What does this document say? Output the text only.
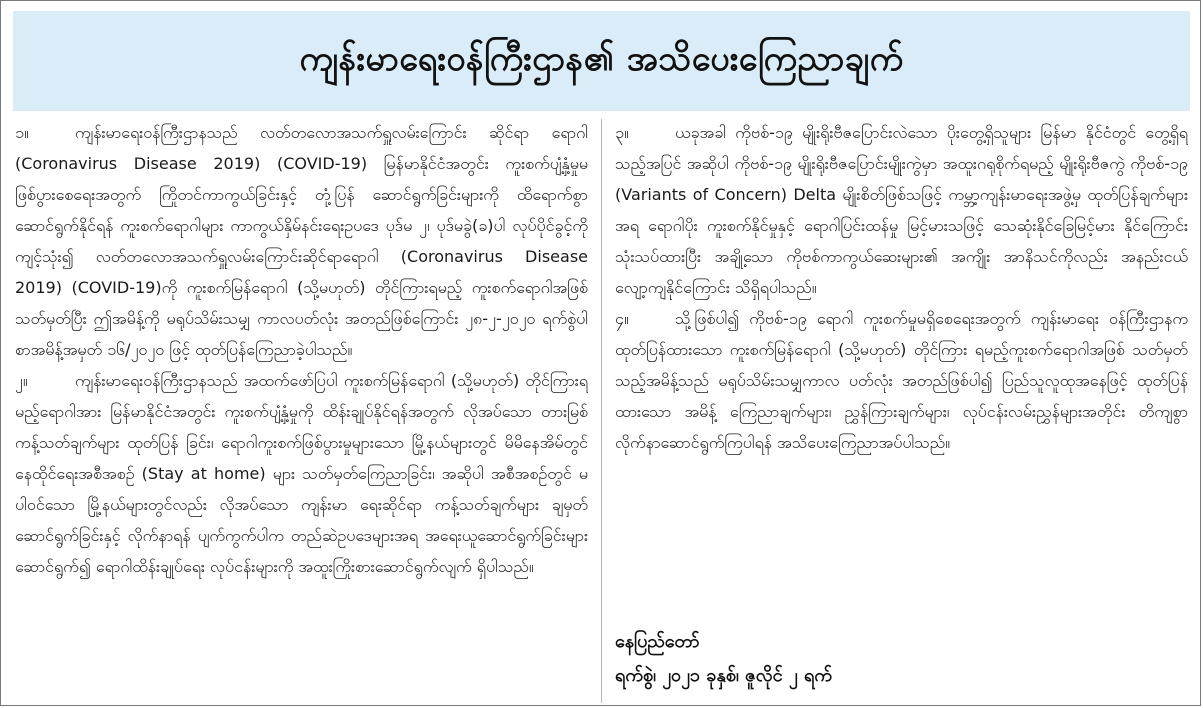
ကျန်းမာရေးဝန်ကြီးဌာန၏ အသိပေးကြေညာချက်

၁။	ကျန်းမာရေးဝန်ကြီးဌာနသည် လတ်တလောအသက်ရှူလမ်းကြောင်း ဆိုင်ရာ ရောဂါ (Coronavirus Disease 2019) (COVID-19) မြန်မာနိုင်ငံအတွင်း ကူးစက်ပျံ့နှံ့မှုမဖြစ်ပွားစေရေးအတွက် ကြိုတင်ကာကွယ်ခြင်းနှင့် တုံ့ပြန် ဆောင်ရွက်ခြင်းများကို ထိရောက်စွာ ဆောင်ရွက်နိုင်ရန် ကူးစက်ရောဂါများ ကာကွယ်နှိမ်နင်းရေးဥပဒေ ပုဒ်မ ၂၊ ပုဒ်မခွဲ(ခ)ပါ လုပ်ပိုင်ခွင့်ကို ကျင့်သုံး၍ လတ်တလောအသက်ရှူလမ်းကြောင်းဆိုင်ရာရောဂါ (Coronavirus Disease 2019) (COVID-19)ကို ကူးစက်မြန်ရောဂါ (သို့မဟုတ်) တိုင်ကြားရမည့် ကူးစက်ရောဂါအဖြစ် သတ်မှတ်ပြီး ဤအမိန့်ကို မရုပ်သိမ်းသမျှ ကာလပတ်လုံး အတည်ဖြစ်ကြောင်း ၂၈-၂-၂၀၂၀ ရက်စွဲပါစာအမိန့်အမှတ် ၁၆/၂၀၂၀ ဖြင့် ထုတ်ပြန်ကြေညာခဲ့ပါသည်။

၂။	ကျန်းမာရေးဝန်ကြီးဌာနသည် အထက်ဖော်ပြပါ ကူးစက်မြန်ရောဂါ (သို့မဟုတ်) တိုင်ကြားရမည့်ရောဂါအား မြန်မာနိုင်ငံအတွင်း ကူးစက်ပျံ့နှံ့မှုကို ထိန်းချုပ်နိုင်ရန်အတွက် လိုအပ်သော တားမြစ် ကန့်သတ်ချက်များ ထုတ်ပြန် ခြင်း၊ ရောဂါကူးစက်ဖြစ်ပွားမှုများသော မြို့နယ်များတွင် မိမိနေအိမ်တွင် နေထိုင်ရေးအစီအစဉ် (Stay at home) များ သတ်မှတ်ကြေညာခြင်း၊ အဆိုပါ အစီအစဉ်တွင် မပါဝင်သော မြို့နယ်များတွင်လည်း လိုအပ်သော ကျန်းမာ ရေးဆိုင်ရာ ကန့်သတ်ချက်များ ချမှတ်ဆောင်ရွက်ခြင်းနှင့် လိုက်နာရန် ပျက်ကွက်ပါက တည်ဆဲဥပဒေများအရ အရေးယူဆောင်ရွက်ခြင်းများ ဆောင်ရွက်၍ ရောဂါထိန်းချုပ်ရေး လုပ်ငန်းများကို အထူးကြိုးစားဆောင်ရွက်လျက် ရှိပါသည်။

၃။	ယခုအခါ ကိုဗစ်-၁၉ မျိုးရိုးဗီဇပြောင်းလဲသော ပိုးတွေ့ရှိသူများ မြန်မာ နိုင်ငံတွင် တွေ့ရှိရသည့်အပြင် အဆိုပါ ကိုဗစ်-၁၉ မျိုးရိုးဗီဇပြောင်းမျိုးကွဲမှာ အထူးဂရုစိုက်ရမည့် မျိုးရိုးဗီဇကွဲ ကိုဗစ်-၁၉ (Variants of Concern) Delta မျိုးစိတ်ဖြစ်သဖြင့် ကမ္ဘာ့ကျန်းမာရေးအဖွဲ့မှ ထုတ်ပြန်ချက်များအရ ရောဂါပိုး ကူးစက်နိုင်မှုနှင့် ရောဂါပြင်းထန်မှု မြင့်မားသဖြင့် သေဆုံးနိုင်ခြေမြင့်မား နိုင်ကြောင်း သုံးသပ်ထားပြီး အချို့သော ကိုဗစ်ကာကွယ်ဆေးများ၏ အကျိုး အာနိသင်ကိုလည်း အနည်းငယ်လျော့ကျနိုင်ကြောင်း သိရှိရပါသည်။

၄။	သို့ဖြစ်ပါ၍ ကိုဗစ်-၁၉ ရောဂါ ကူးစက်မှုမရှိစေရေးအတွက် ကျန်းမာရေး ဝန်ကြီးဌာနက ထုတ်ပြန်ထားသော ကူးစက်မြန်ရောဂါ (သို့မဟုတ်) တိုင်ကြား ရမည့်ကူးစက်ရောဂါအဖြစ် သတ်မှတ်သည့်အမိန့်သည် မရုပ်သိမ်းသမျှကာလ ပတ်လုံး အတည်ဖြစ်ပါ၍ ပြည်သူလူထုအနေဖြင့် ထုတ်ပြန်ထားသော အမိန့် ကြေညာချက်များ၊ ညွှန်ကြားချက်များ၊ လုပ်ငန်းလမ်းညွှန်များအတိုင်း တိကျစွာ လိုက်နာဆောင်ရွက်ကြပါရန် အသိပေးကြေညာအပ်ပါသည်။

နေပြည်တော်
ရက်စွဲ၊ ၂၀၂၁ ခုနှစ်၊ ဇူလိုင် ၂ ရက်
